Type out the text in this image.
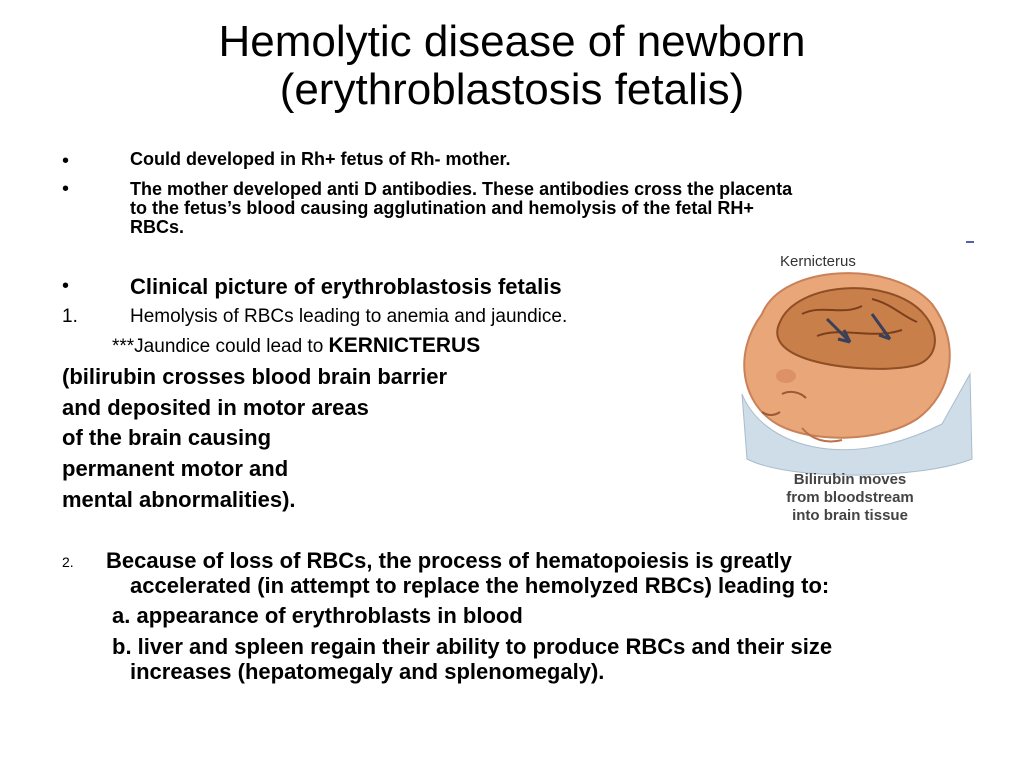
Hemolytic disease of newborn
(erythroblastosis fetalis)
•	Could developed in Rh+ fetus of Rh- mother.
•	The mother developed anti D antibodies. These antibodies cross the placenta
to the fetus’s blood causing agglutination and hemolysis of the fetal RH+
RBCs.
•	Clinical picture of erythroblastosis fetalis
1.	Hemolysis of RBCs leading to anemia and jaundice.
***Jaundice could lead to KERNICTERUS
(bilirubin crosses blood brain barrier
and deposited in motor areas
of the brain causing
permanent motor and
mental abnormalities).
2. Because of loss of RBCs, the process of hematopoiesis is greatly
accelerated (in attempt to replace the hemolyzed RBCs) leading to:
a. appearance of erythroblasts in blood
b. liver and spleen regain their ability to produce RBCs and their size
increases (hepatomegaly and splenomegaly).
Kernicterus
Bilirubin moves
from bloodstream
into brain tissue
